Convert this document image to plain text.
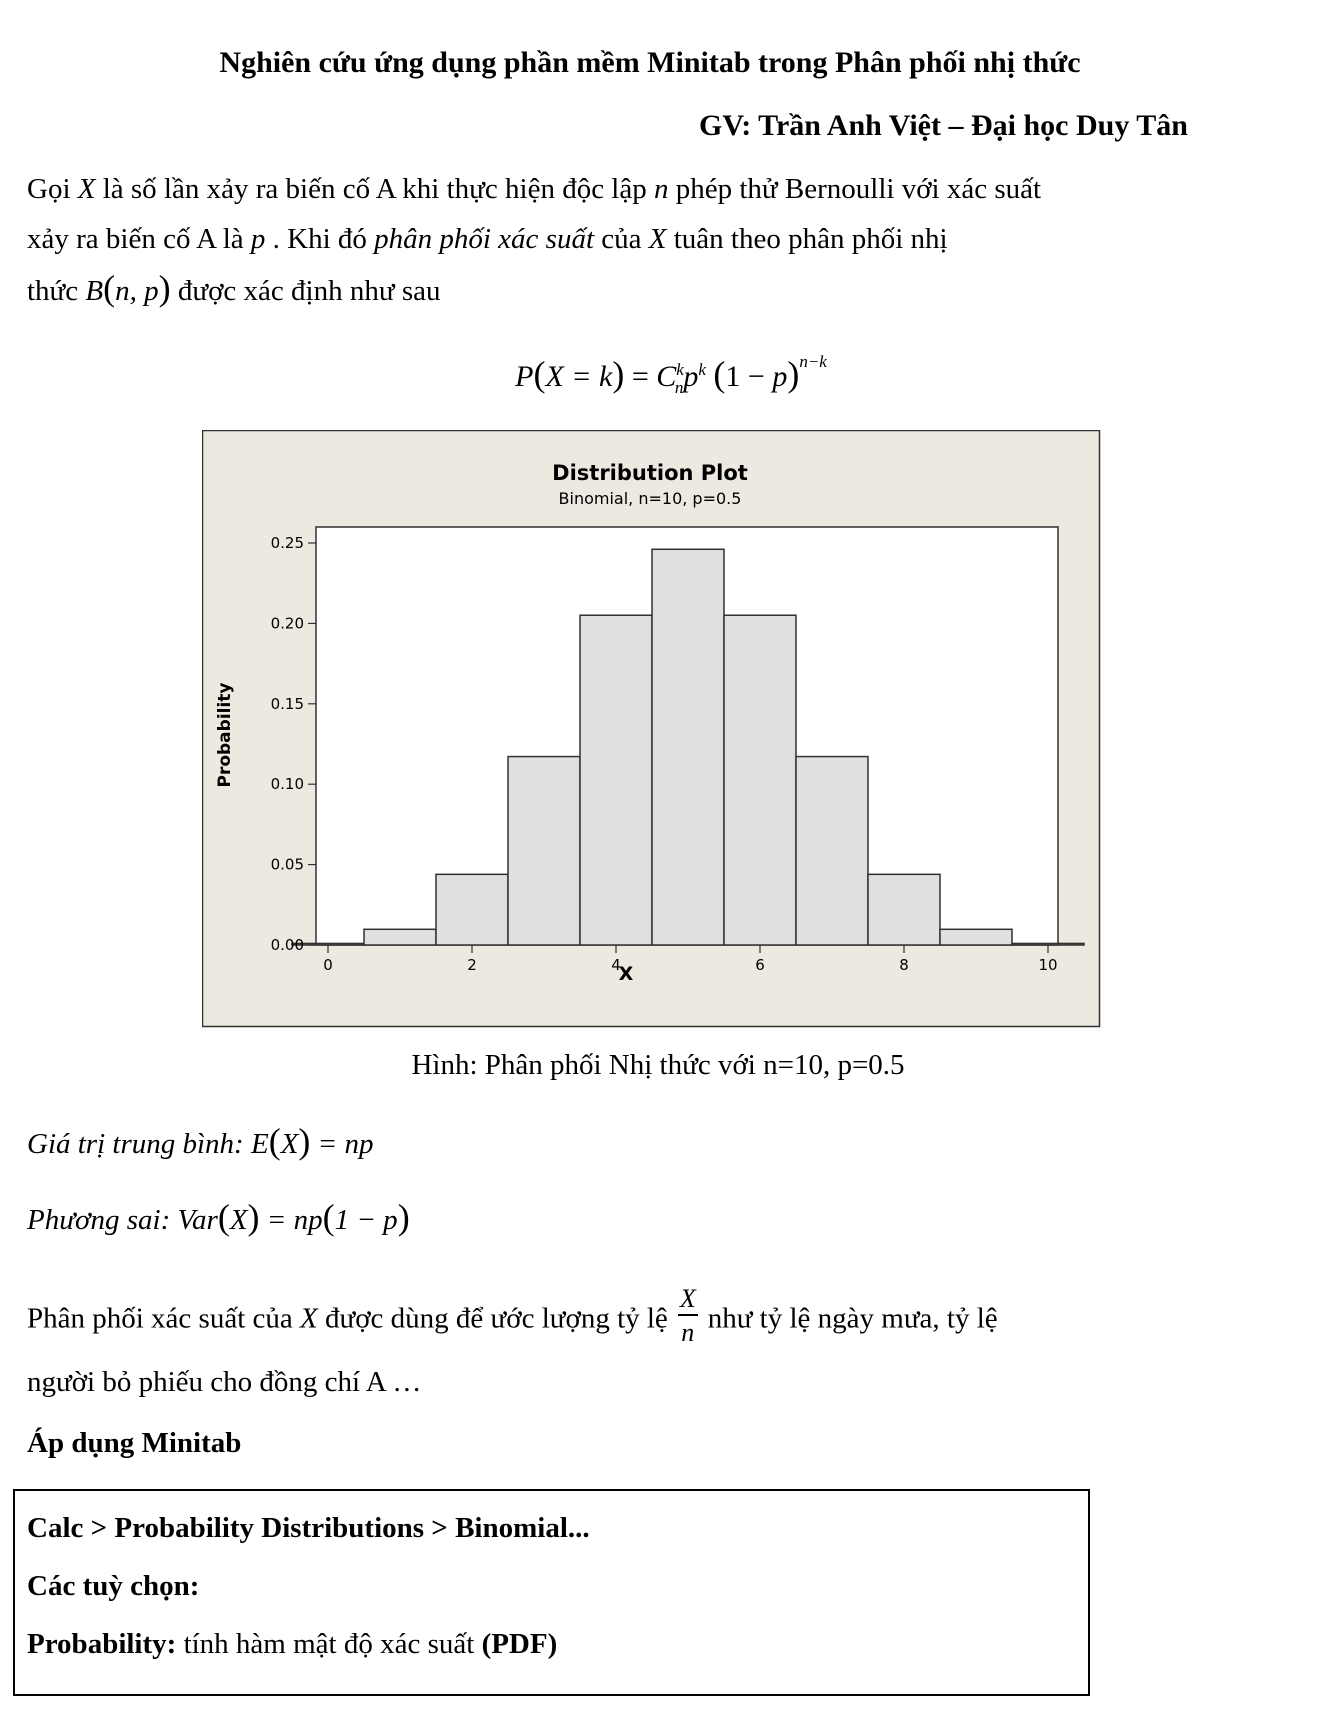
Nghiên cứu ứng dụng phần mềm Minitab trong Phân phối nhị thức
GV: Trần Anh Việt – Đại học Duy Tân
Gọi X là số lần xảy ra biến cố A khi thực hiện độc lập n phép thử Bernoulli với xác suất
xảy ra biến cố A là p . Khi đó phân phối xác suất của X tuân theo phân phối nhị
thức B(n, p) được xác định như sau
$P(X = k) = C^k_np^k$ $(1 - p)^{n-k}$
Distribution Plot
Binomial, n=10, p=0.5
0.00
0.05
0.10
0.15
0.20
0.25
0	2	4	6	8	10
X
Probability
Hình: Phân phối Nhị thức với n=10, p=0.5
Giá trị trung bình: E(X) = np
Phương sai: Var(X) = np(1 − p)
Phân phối xác suất của X được dùng để ước lượng tỷ lệ $\frac{X}{n}$ như tỷ lệ ngày mưa, tỷ lệ
người bỏ phiếu cho đồng chí A …
Áp dụng Minitab
Calc > Probability Distributions > Binomial...
Các tuỳ chọn:
Probability: tính hàm mật độ xác suất (PDF)
